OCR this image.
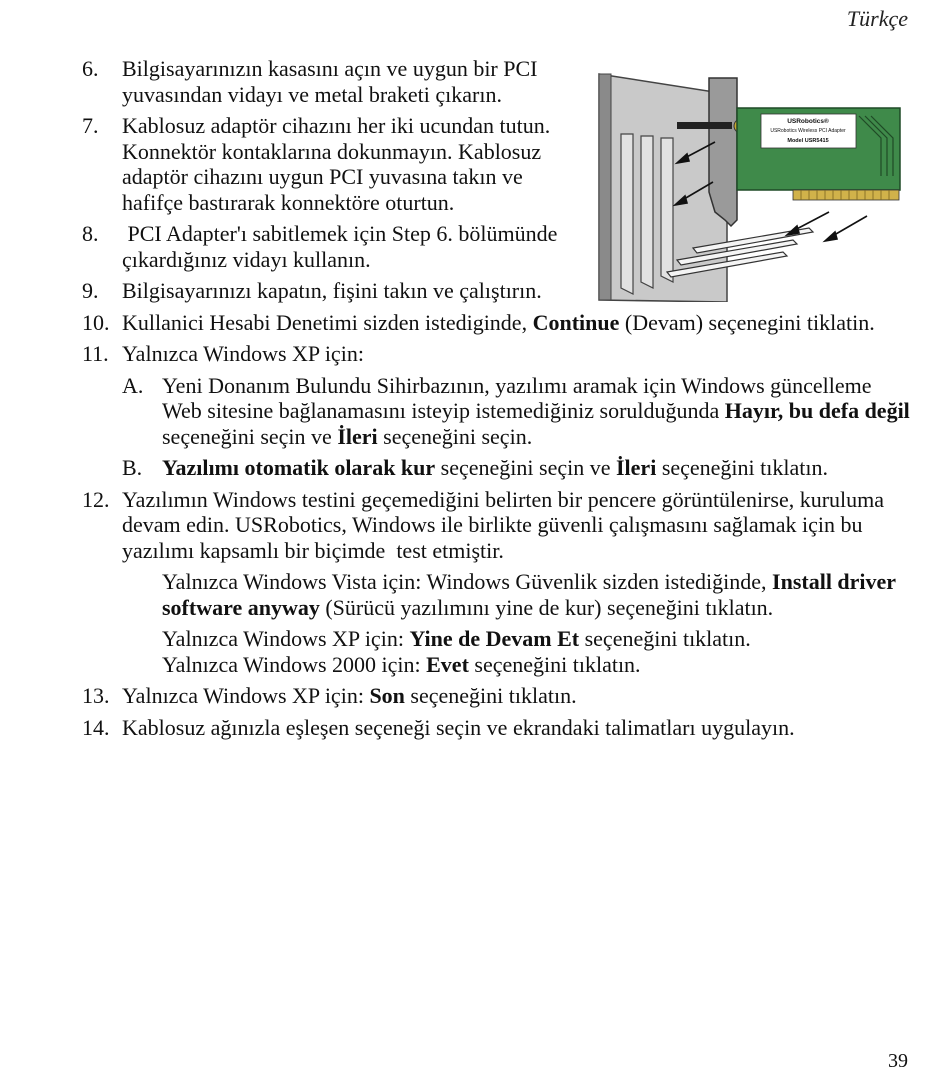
Türkçe
USRobotics®
USRobotics Wireless PCI Adapter
Model USR5415
6. Bilgisayarınızın kasasını açın ve uygun bir PCI yuvasından vidayı ve metal braketi çıkarın.
7. Kablosuz adaptör cihazını her iki ucundan tutun. Konnektör kontaklarına dokunmayın. Kablosuz adaptör cihazını uygun PCI yuvasına takın ve hafifçe bastırarak konnektöre oturtun.
8. PCI Adapter'ı sabitlemek için Step 6. bölümünde çıkardığınız vidayı kullanın.
9. Bilgisayarınızı kapatın, fişini takın ve çalıştırın.
10. Kullanici Hesabi Denetimi sizden istediginde, Continue (Devam) seçenegini tiklatin.
11. Yalnızca Windows XP için:
A. Yeni Donanım Bulundu Sihirbazının, yazılımı aramak için Windows güncelleme Web sitesine bağlanamasını isteyip istemediğiniz sorulduğunda Hayır, bu defa değil seçeneğini seçin ve İleri seçeneğini seçin.
B. Yazılımı otomatik olarak kur seçeneğini seçin ve İleri seçeneğini tıklatın.
12. Yazılımın Windows testini geçemediğini belirten bir pencere görüntülenirse, kuruluma devam edin. USRobotics, Windows ile birlikte güvenli çalışmasını sağlamak için bu yazılımı kapsamlı bir biçimde  test etmiştir.
Yalnızca Windows Vista için: Windows Güvenlik sizden istediğinde, Install driver software anyway (Sürücü yazılımını yine de kur) seçeneğini tıklatın.
Yalnızca Windows XP için: Yine de Devam Et seçeneğini tıklatın.
Yalnızca Windows 2000 için: Evet seçeneğini tıklatın.
13. Yalnızca Windows XP için: Son seçeneğini tıklatın.
14. Kablosuz ağınızla eşleşen seçeneği seçin ve ekrandaki talimatları uygulayın.
39
